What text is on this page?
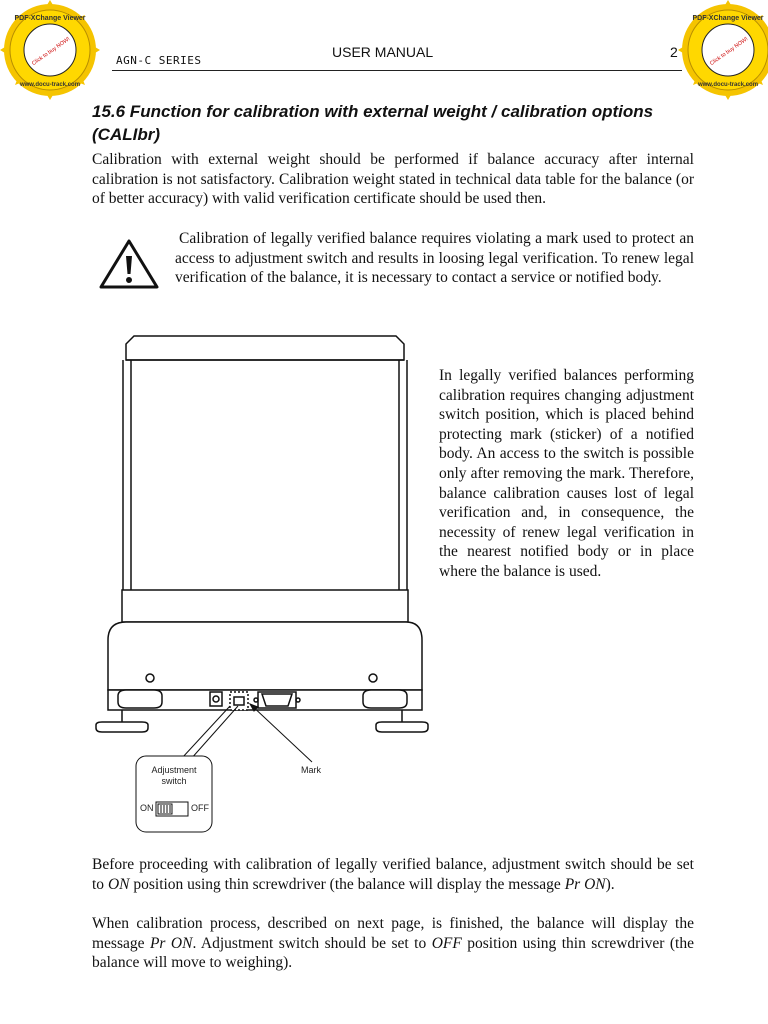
AGN-C SERIES
USER MANUAL	2
PDF-XChange Viewer
Click to buy NOW!
www.docu-track.com
PDF-XChange Viewer
Click to buy NOW!
www.docu-track.com
15.6 Function for calibration with external weight / calibration options (CALIbr)

Calibration with external weight should be performed if balance accuracy after internal calibration is not satisfactory. Calibration weight stated in technical data table for the balance (or of better accuracy) with valid verification certificate should be used then.

Calibration of legally verified balance requires violating a mark used to protect an access to adjustment switch and results in loosing legal verification. To renew legal verification of the balance, it is necessary to contact a service or notified body.

Adjustment
switch
ON	OFF
Mark

In legally verified balances performing calibration requires changing adjustment switch position, which is placed behind protecting mark (sticker) of a notified body. An access to the switch is possible only after removing the mark. Therefore, balance calibration causes lost of legal verification and, in consequence, the necessity of renew legal verification in the nearest notified body or in place where the balance is used.

Before proceeding with calibration of legally verified balance, adjustment switch should be set to ON position using thin screwdriver (the balance will display the message Pr ON).

When calibration process, described on next page, is finished, the balance will display the message Pr ON. Adjustment switch should be set to OFF position using thin screwdriver (the balance will move to weighing).
